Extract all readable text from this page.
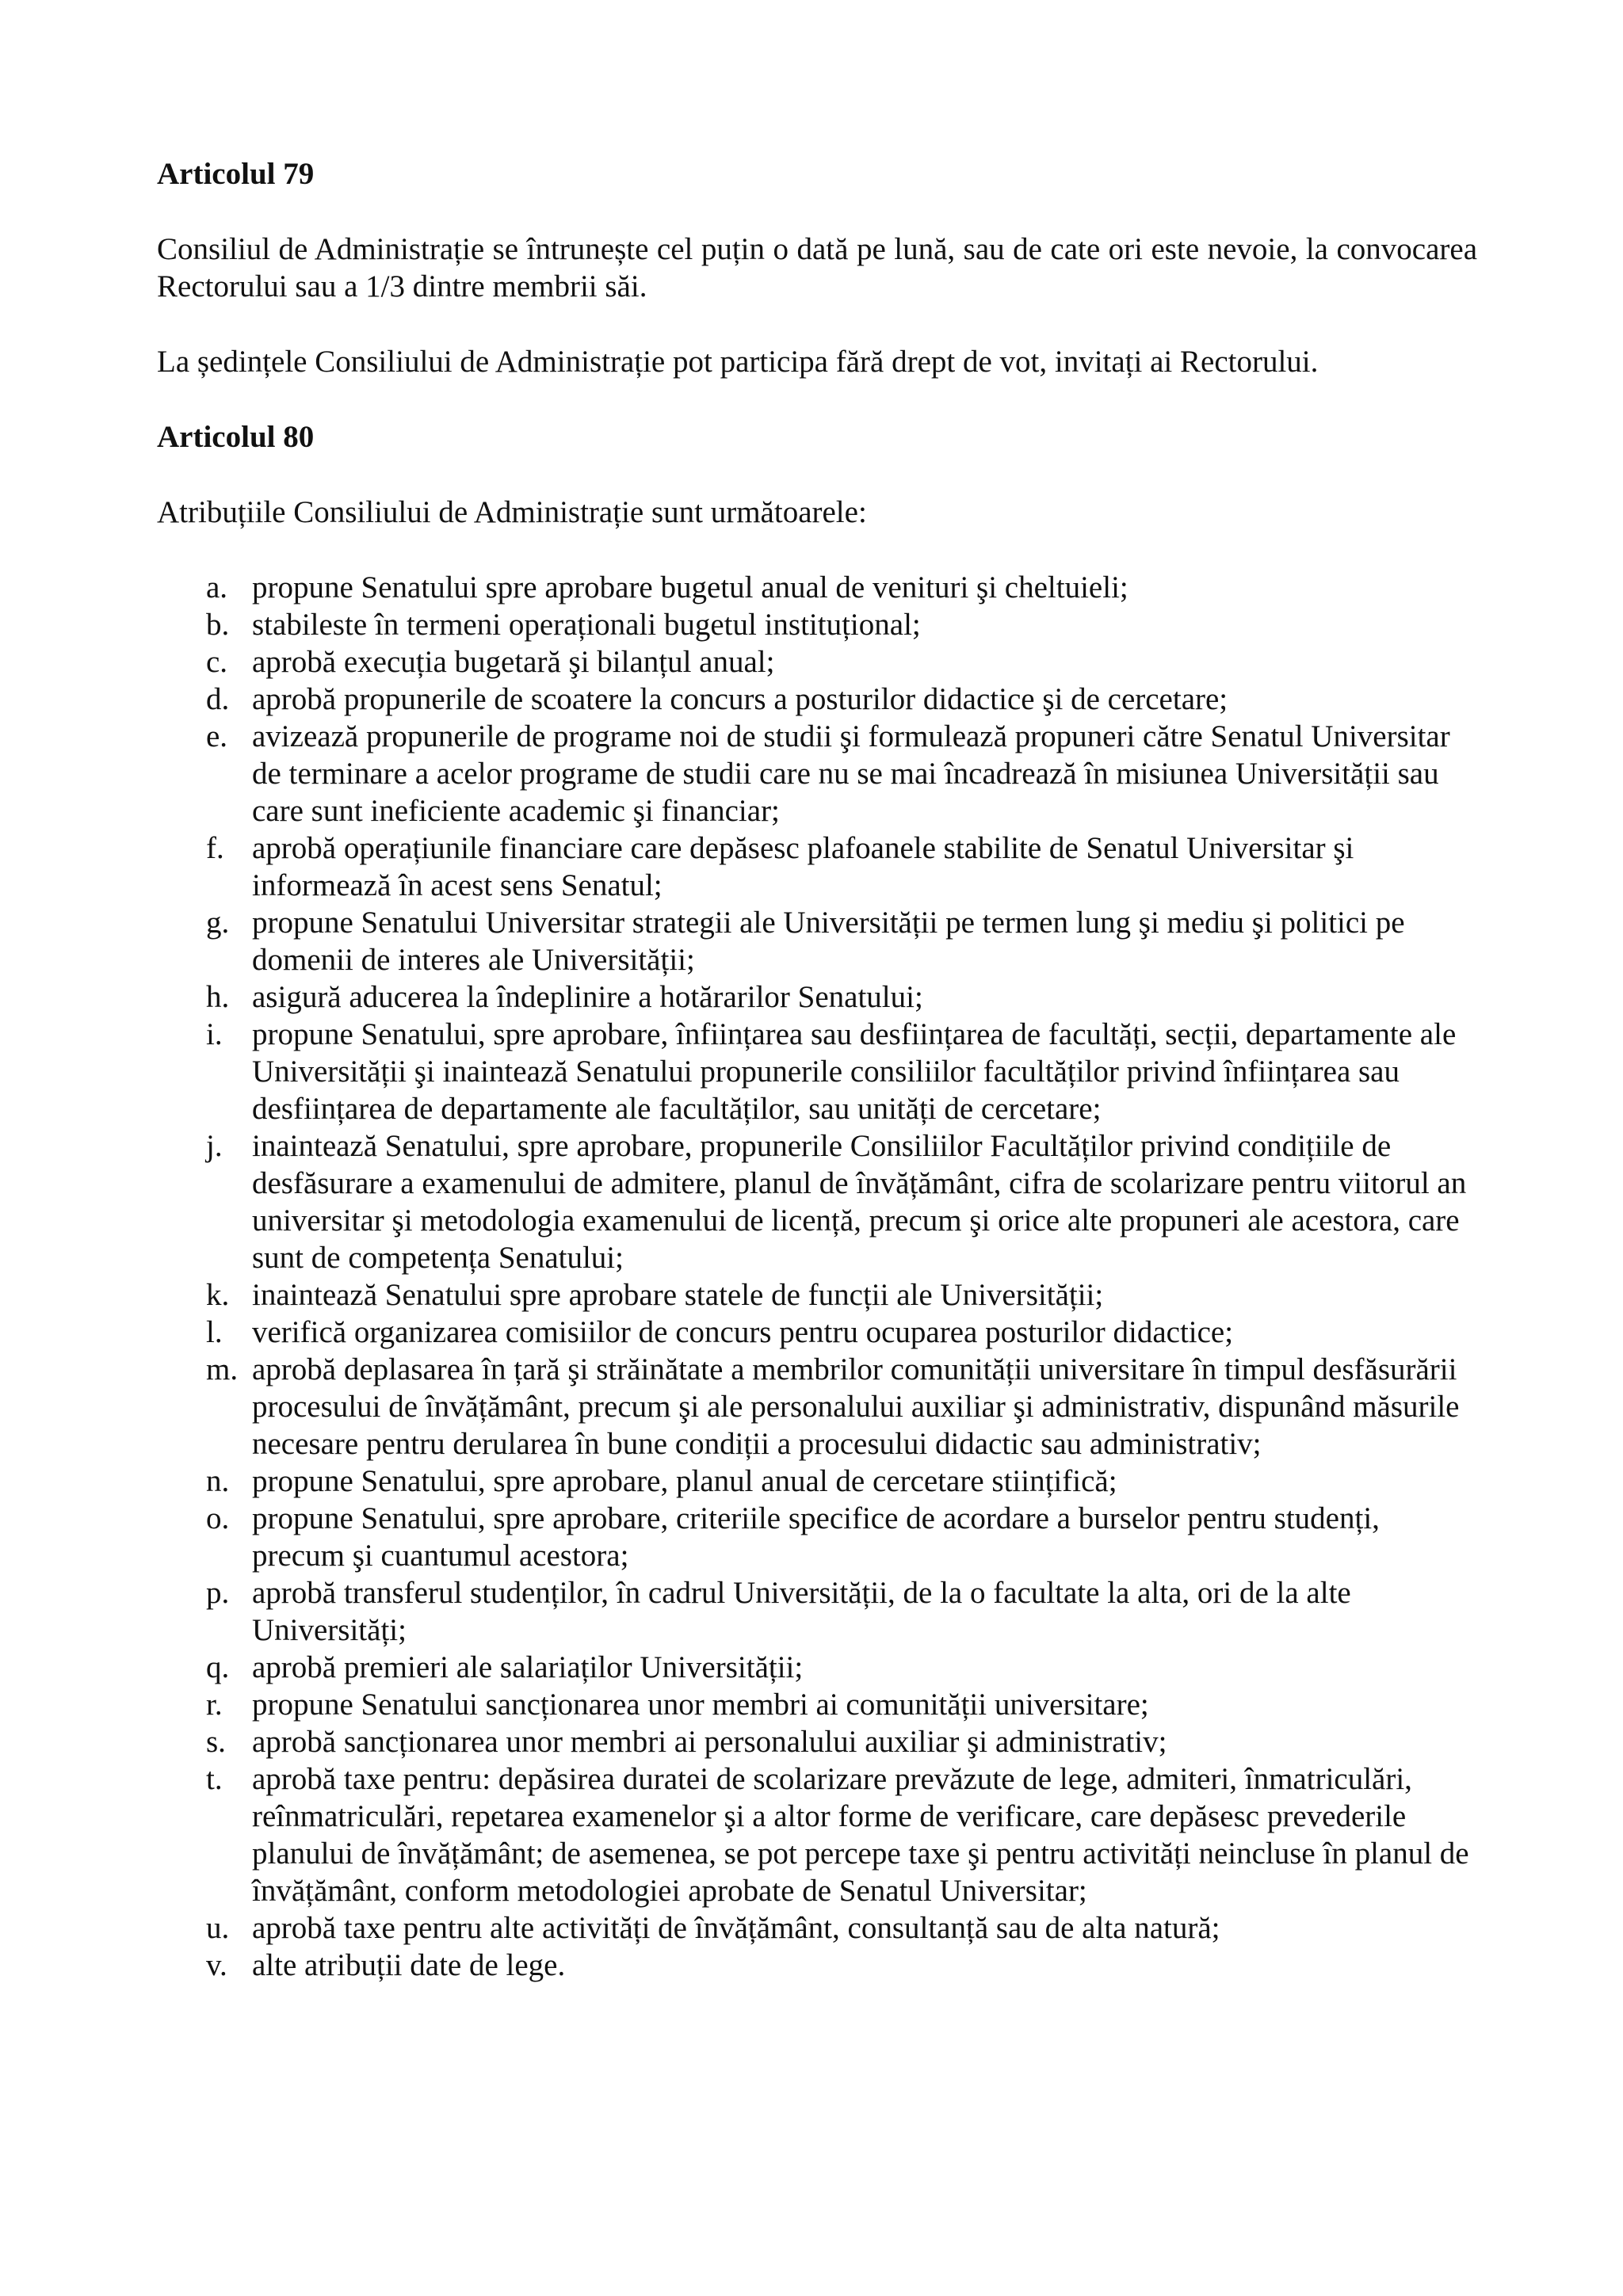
Articolul 79
Consiliul de Administrație se întrunește cel puțin o dată pe lună, sau de cate ori este nevoie, la convocarea Rectorului sau a 1/3 dintre membrii săi.
La ședințele Consiliului de Administrație pot participa fără drept de vot, invitați ai Rectorului.
Articolul 80
Atribuțiile Consiliului de Administrație sunt următoarele:
a. propune Senatului spre aprobare bugetul anual de venituri şi cheltuieli;
b. stabileste în termeni operaționali bugetul instituțional;
c. aprobă execuția bugetară şi bilanțul anual;
d. aprobă propunerile de scoatere la concurs a posturilor didactice şi de cercetare;
e. avizează propunerile de programe noi de studii şi formulează propuneri către Senatul Universitar de terminare a acelor programe de studii care nu se mai încadrează în misiunea Universității sau care sunt ineficiente academic şi financiar;
f. aprobă operațiunile financiare care depăsesc plafoanele stabilite de Senatul Universitar şi informează în acest sens Senatul;
g. propune Senatului Universitar strategii ale Universității pe termen lung şi mediu şi politici pe domenii de interes ale Universității;
h. asigură aducerea la îndeplinire a hotărarilor Senatului;
i. propune Senatului, spre aprobare, înființarea sau desființarea de facultăți, secții, departamente ale Universității şi inaintează Senatului propunerile consiliilor facultăților privind înființarea sau desființarea de departamente ale facultăților, sau unități de cercetare;
j. inaintează Senatului, spre aprobare, propunerile Consiliilor Facultăților privind condițiile de desfăsurare a examenului de admitere, planul de învățământ, cifra de scolarizare pentru viitorul an universitar şi metodologia examenului de licență, precum şi orice alte propuneri ale acestora, care sunt de competența Senatului;
k. inaintează Senatului spre aprobare statele de funcții ale Universității;
l. verifică organizarea comisiilor de concurs pentru ocuparea posturilor didactice;
m. aprobă deplasarea în țară şi străinătate a membrilor comunității universitare în timpul desfăsurării procesului de învățământ, precum şi ale personalului auxiliar şi administrativ, dispunând măsurile necesare pentru derularea în bune condiții a procesului didactic sau administrativ;
n. propune Senatului, spre aprobare, planul anual de cercetare stiințifică;
o. propune Senatului, spre aprobare, criteriile specifice de acordare a burselor pentru studenți, precum şi cuantumul acestora;
p. aprobă transferul studenților, în cadrul Universității, de la o facultate la alta, ori de la alte Universități;
q. aprobă premieri ale salariaților Universității;
r. propune Senatului sancționarea unor membri ai comunității universitare;
s. aprobă sancționarea unor membri ai personalului auxiliar şi administrativ;
t. aprobă taxe pentru: depăsirea duratei de scolarizare prevăzute de lege, admiteri, înmatriculări, reînmatriculări, repetarea examenelor şi a altor forme de verificare, care depăsesc prevederile planului de învățământ; de asemenea, se pot percepe taxe şi pentru activități neincluse în planul de învățământ, conform metodologiei aprobate de Senatul Universitar;
u. aprobă taxe pentru alte activități de învățământ, consultanță sau de alta natură;
v. alte atribuții date de lege.
